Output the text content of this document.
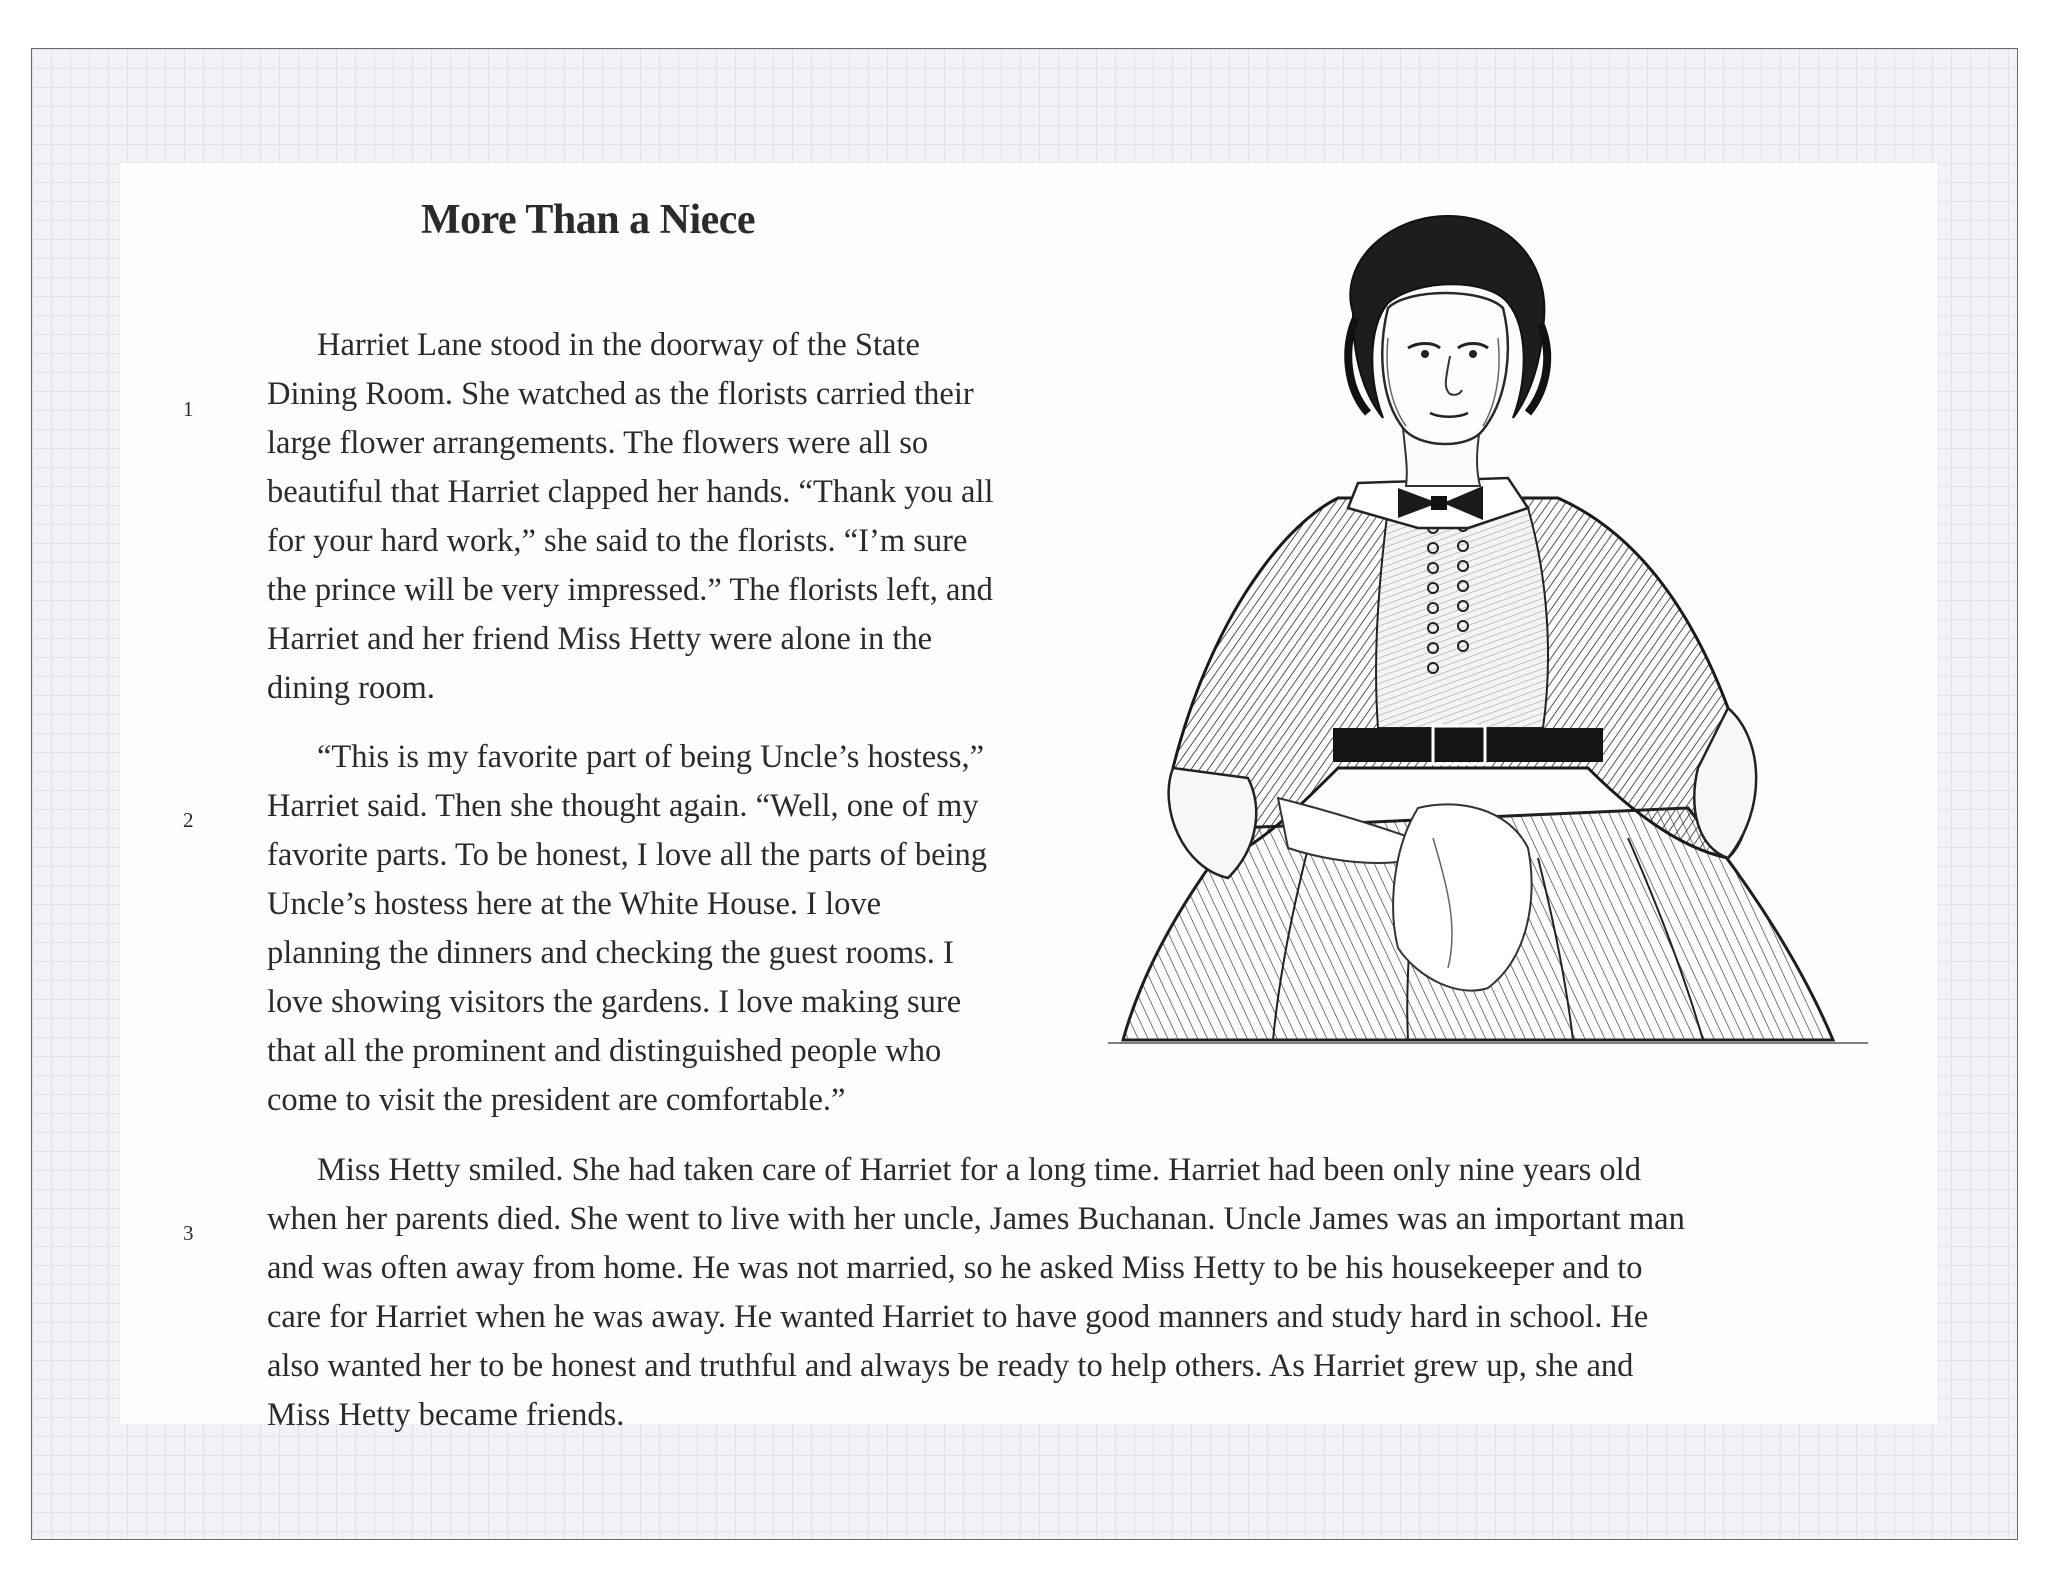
More Than a Niece
1
Harriet Lane stood in the doorway of the State
Dining Room. She watched as the florists carried their
large flower arrangements. The flowers were all so
beautiful that Harriet clapped her hands. “Thank you all
for your hard work,” she said to the florists. “I’m sure
the prince will be very impressed.” The florists left, and
Harriet and her friend Miss Hetty were alone in the
dining room.
2
“This is my favorite part of being Uncle’s hostess,”
Harriet said. Then she thought again. “Well, one of my
favorite parts. To be honest, I love all the parts of being
Uncle’s hostess here at the White House. I love
planning the dinners and checking the guest rooms. I
love showing visitors the gardens. I love making sure
that all the prominent and distinguished people who
come to visit the president are comfortable.”
3
Miss Hetty smiled. She had taken care of Harriet for a long time. Harriet had been only nine years old
when her parents died. She went to live with her uncle, James Buchanan. Uncle James was an important man
and was often away from home. He was not married, so he asked Miss Hetty to be his housekeeper and to
care for Harriet when he was away. He wanted Harriet to have good manners and study hard in school. He
also wanted her to be honest and truthful and always be ready to help others. As Harriet grew up, she and
Miss Hetty became friends.
